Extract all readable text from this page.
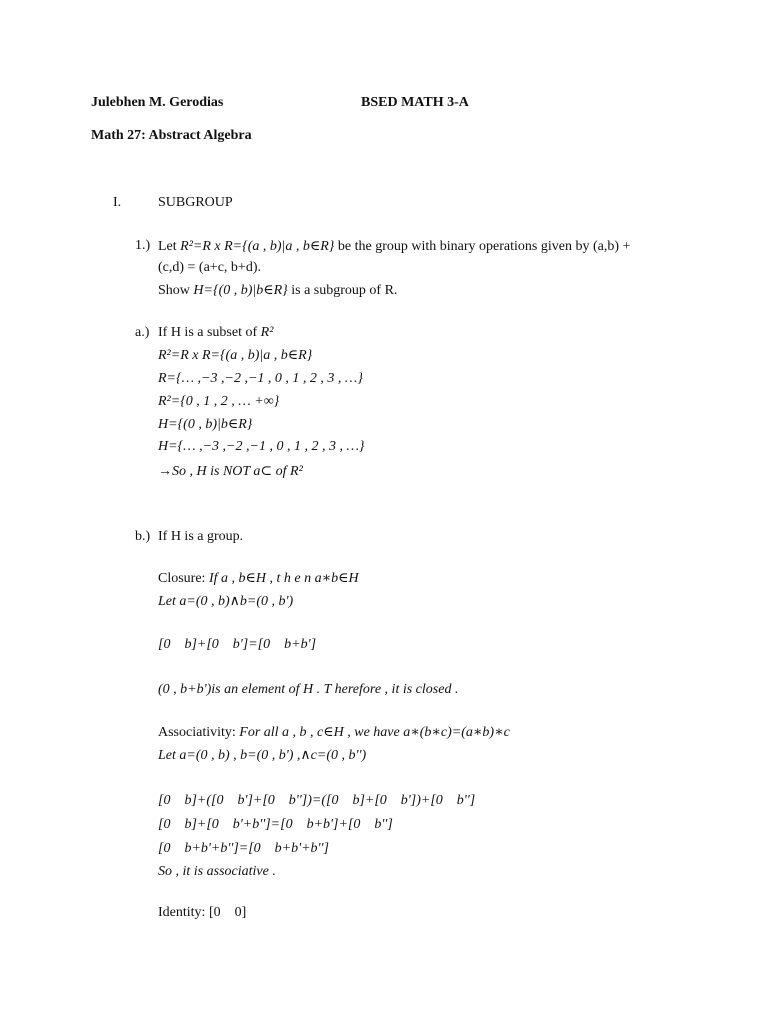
Julebhen M. Gerodias	BSED MATH 3-A
Math 27: Abstract Algebra
I.	SUBGROUP
1.) Let R²=R x R={(a , b)|a , b∈R} be the group with binary operations given by (a,b) +
(c,d) = (a+c, b+d).
Show H={(0 , b)|b∈R} is a subgroup of R.
a.) If H is a subset of R²
R²=R x R={(a , b)|a , b∈R}
R={… ,−3 ,−2 ,−1 , 0 , 1 , 2 , 3 , …}
R²={0 , 1 , 2 , … +∞}
H={(0 , b)|b∈R}
H={… ,−3 ,−2 ,−1 , 0 , 1 , 2 , 3 , …}
→So , H is NOT a⊂ of R²
b.) If H is a group.
Closure: If a , b∈H , t h e n a∗b∈H
Let a=(0 , b)∧b=(0 , b')
[0    b]+[0    b']=[0    b+b']
(0 , b+b')is an element of H . T herefore , it is closed .
Associativity: For all a , b , c∈H , we have a∗(b∗c)=(a∗b)∗c
Let a=(0 , b) , b=(0 , b') ,∧c=(0 , b'')
[0    b]+([0    b']+[0    b''])=([0    b]+[0    b'])+[0    b'']
[0    b]+[0    b'+b'']=[0    b+b']+[0    b'']
[0    b+b'+b'']=[0    b+b'+b'']
So , it is associative .
Identity: [0    0]
